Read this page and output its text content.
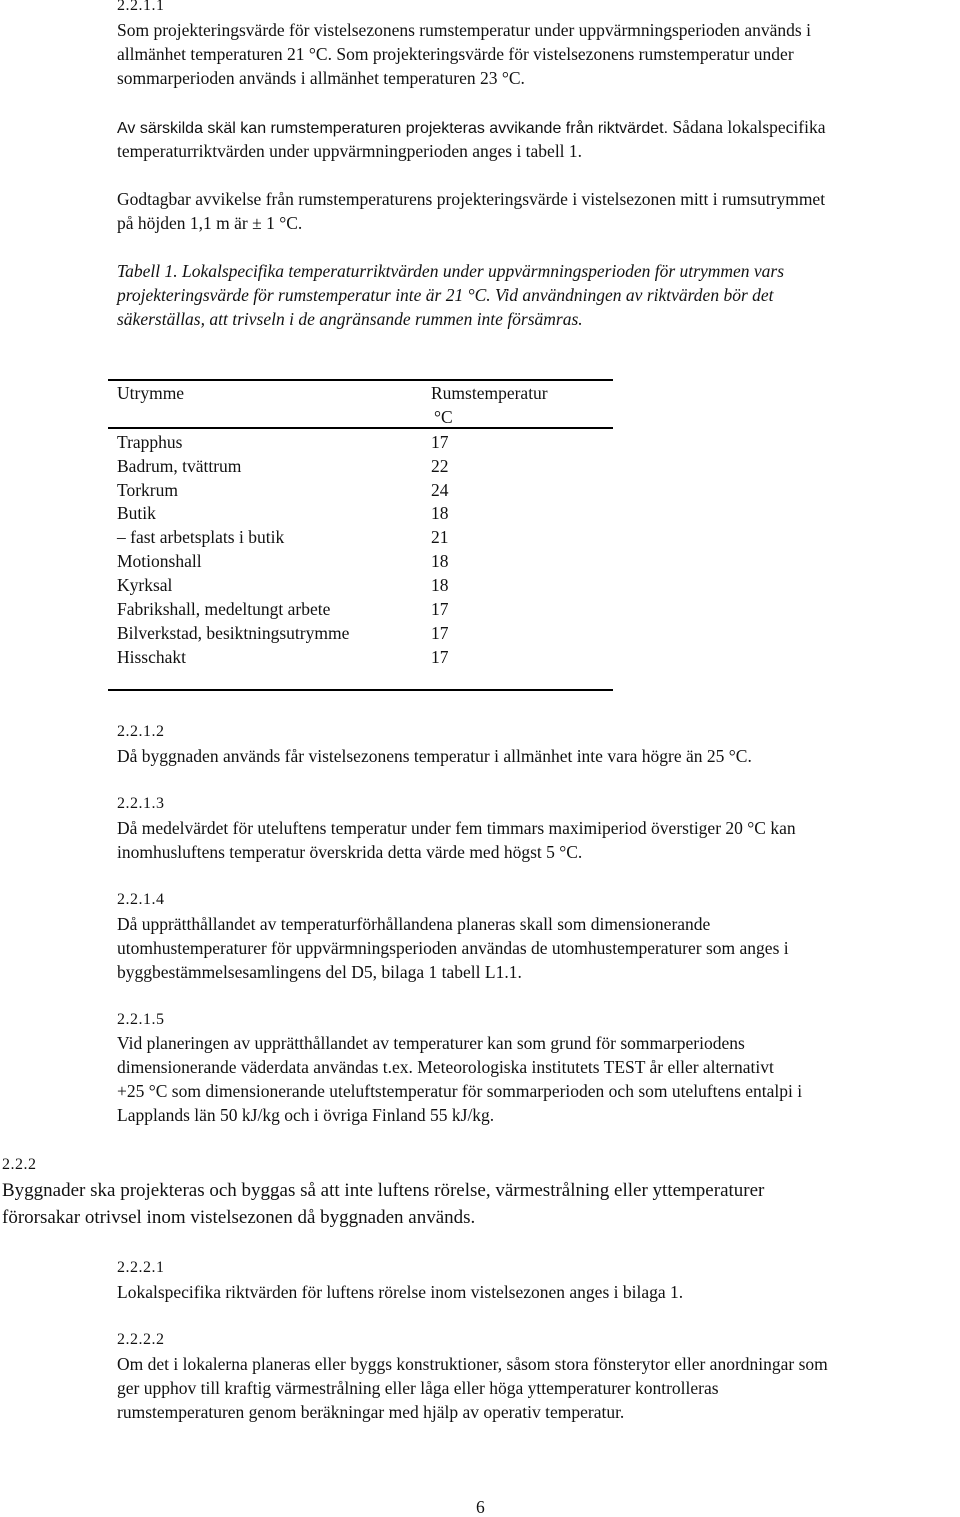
2.2.1.1
Som projekteringsvärde för vistelsezonens rumstemperatur under uppvärmningsperioden används i
allmänhet temperaturen 21 °C. Som projekteringsvärde för vistelsezonens rumstemperatur under
sommarperioden används i allmänhet temperaturen 23 °C.
Av särskilda skäl kan rumstemperaturen projekteras avvikande från riktvärdet. Sådana lokalspecifika
temperaturriktvärden under uppvärmningperioden anges i tabell 1.
Godtagbar avvikelse från rumstemperaturens projekteringsvärde i vistelsezonen mitt i rumsutrymmet
på höjden 1,1 m är ± 1 °C.
Tabell 1. Lokalspecifika temperaturriktvärden under uppvärmningsperioden för utrymmen vars
projekteringsvärde för rumstemperatur inte är 21 °C. Vid användningen av riktvärden bör det
säkerställas, att trivseln i de angränsande rummen inte försämras.
Utrymme	Rumstemperatur
°C
Trapphus	17
Badrum, tvättrum	22
Torkrum	24
Butik	18
– fast arbetsplats i butik	21
Motionshall	18
Kyrksal	18
Fabrikshall, medeltungt arbete	17
Bilverkstad, besiktningsutrymme	17
Hisschakt	17
2.2.1.2
Då byggnaden används får vistelsezonens temperatur i allmänhet inte vara högre än 25 °C.
2.2.1.3
Då medelvärdet för uteluftens temperatur under fem timmars maximiperiod överstiger 20 °C kan
inomhusluftens temperatur överskrida detta värde med högst 5 °C.
2.2.1.4
Då upprätthållandet av temperaturförhållandena planeras skall som dimensionerande
utomhustemperaturer för uppvärmningsperioden användas de utomhustemperaturer som anges i
byggbestämmelsesamlingens del D5, bilaga 1 tabell L1.1.
2.2.1.5
Vid planeringen av upprätthållandet av temperaturer kan som grund för sommarperiodens
dimensionerande väderdata användas t.ex. Meteorologiska institutets TEST år eller alternativt
+25 °C som dimensionerande uteluftstemperatur för sommarperioden och som uteluftens entalpi i
Lapplands län 50 kJ/kg och i övriga Finland 55 kJ/kg.
2.2.2
Byggnader ska projekteras och byggas så att inte luftens rörelse, värmestrålning eller yttemperaturer
förorsakar otrivsel inom vistelsezonen då byggnaden används.
2.2.2.1
Lokalspecifika riktvärden för luftens rörelse inom vistelsezonen anges i bilaga 1.
2.2.2.2
Om det i lokalerna planeras eller byggs konstruktioner, såsom stora fönsterytor eller anordningar som
ger upphov till kraftig värmestrålning eller låga eller höga yttemperaturer kontrolleras
rumstemperaturen genom beräkningar med hjälp av operativ temperatur.
6
